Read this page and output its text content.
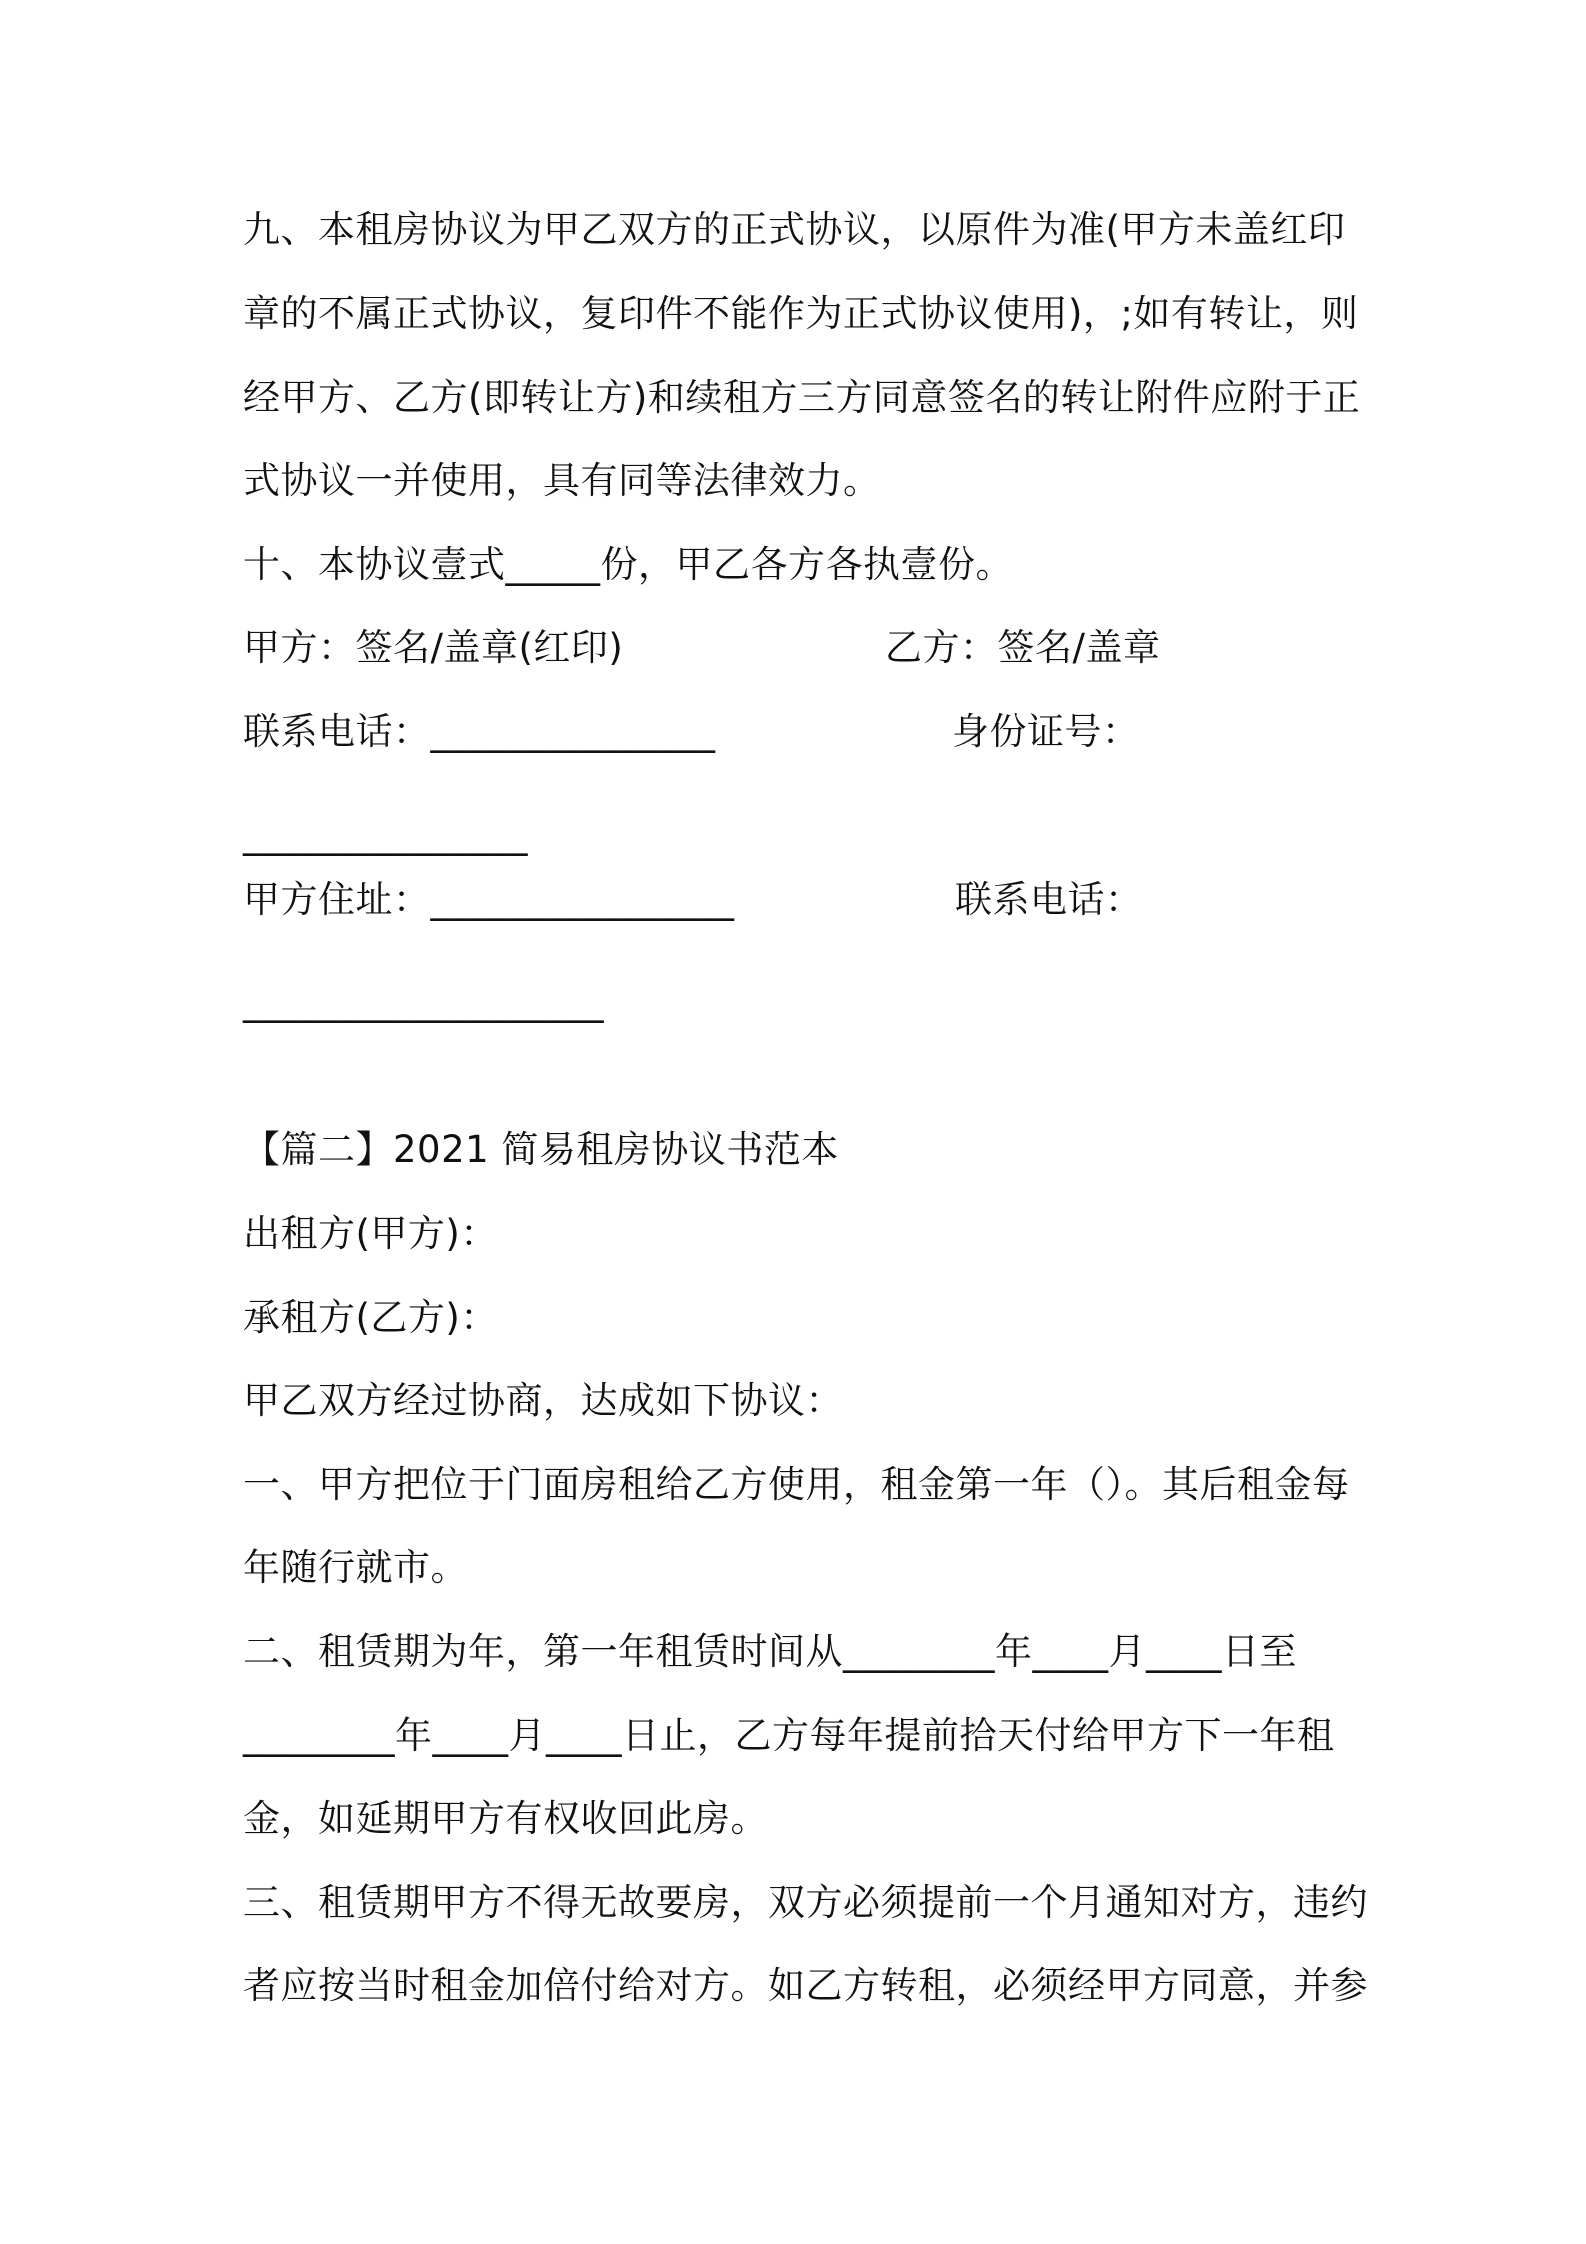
九、本租房协议为甲乙双方的正式协议，以原件为准(甲方未盖红印
章的不属正式协议，复印件不能作为正式协议使用)，;如有转让，则
经甲方、乙方(即转让方)和续租方三方同意签名的转让附件应附于正
式协议一并使用，具有同等法律效力。
十、本协议壹式_____份，甲乙各方各执壹份。
甲方：签名/盖章(红印)	乙方：签名/盖章
联系电话：_______________	身份证号：
_______________
甲方住址：________________	联系电话：
___________________
【篇二】2021 简易租房协议书范本
出租方(甲方)：
承租方(乙方)：
甲乙双方经过协商，达成如下协议：
一、甲方把位于门面房租给乙方使用，租金第一年（）。其后租金每
年随行就市。
二、租赁期为年，第一年租赁时间从________年____月____日至
________年____月____日止，乙方每年提前拾天付给甲方下一年租
金，如延期甲方有权收回此房。
三、租赁期甲方不得无故要房，双方必须提前一个月通知对方，违约
者应按当时租金加倍付给对方。如乙方转租，必须经甲方同意，并参
